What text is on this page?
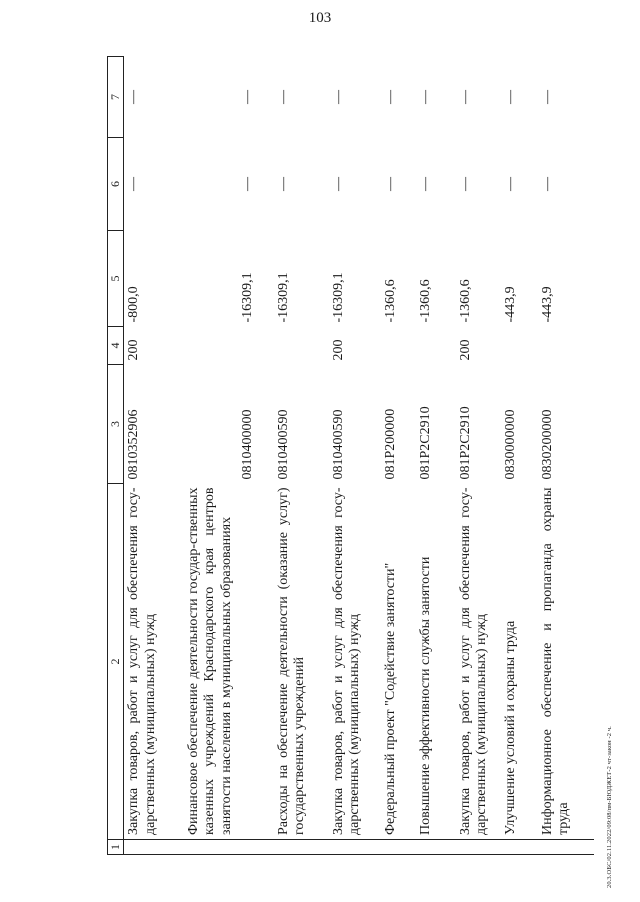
103
20.3.ОБС/02.11.2022/09:08/пм-БЮДЖЕТ-2 чт-закон -2 ч.
1	2	3	4	5	6	7
	Закупка товаров, работ и услуг для обеспечения госу-дарственных (муниципальных) нужд	0810352906	200	-800,0	—	—
	Финансовое обеспечение деятельности государ-ственных казенных учреждений Краснодарского края центров занятости населения в муниципальных образованиях	0810400000		-16309,1	—	—

	Расходы на обеспечение деятельности (оказание услуг) государственных учреждений	0810400590		-16309,1	—	—
	Закупка товаров, работ и услуг для обеспечения госу-дарственных (муниципальных) нужд	0810400590	200	-16309,1	—	—
	Федеральный проект "Содействие занятости"	081Р200000		-1360,6	—	—
	Повышение эффективности службы занятости	081Р2С2910		-1360,6	—	—
	Закупка товаров, работ и услуг для обеспечения госу-дарственных (муниципальных) нужд	081Р2С2910	200	-1360,6	—	—
	Улучшение условий и охраны труда	0830000000		-443,9	—	—
	Информационное обеспечение и пропаганда охраны труда	0830200000		-443,9	—	—
